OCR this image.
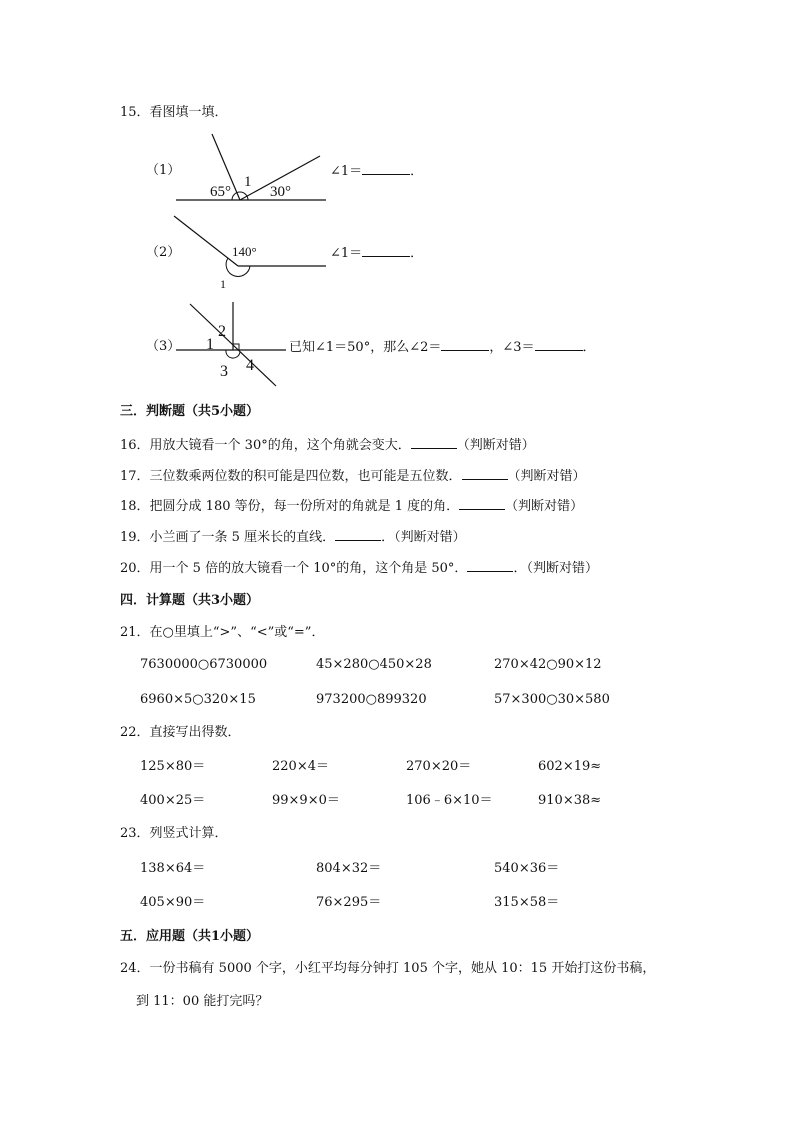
15．看图填一填．
（1）
65°
1
30°
∠1＝	．
（2）	140°
1
∠1＝	．
（3） 1
2
3 4
已知∠1＝50°，那么∠2＝	，∠3＝	．
三．判断题（共5小题）
16．用放大镜看一个 30°的角，这个角就会变大．	（判断对错）
17．三位数乘两位数的积可能是四位数，也可能是五位数．	（判断对错）
18．把圆分成 180 等份，每一份所对的角就是 1 度的角．	（判断对错）
19．小兰画了一条 5 厘米长的直线．	．（判断对错）
20．用一个 5 倍的放大镜看一个 10°的角，这个角是 50°．	．（判断对错）
四．计算题（共3小题）
21．在○里填上“>”、“<”或“=”．
7630000○6730000	45×280○450×28	270×42○90×12
6960×5○320×15	973200○899320	57×300○30×580
22．直接写出得数．
125×80＝	220×4＝	270×20＝	602×19≈
400×25＝	99×9×0＝	106﹣6×10＝	910×38≈
23．列竖式计算．
138×64＝	804×32＝	540×36＝
405×90＝	76×295＝	315×58＝
五．应用题（共1小题）
24．一份书稿有 5000 个字，小红平均每分钟打 105 个字，她从 10：15 开始打这份书稿，
到 11：00 能打完吗？
